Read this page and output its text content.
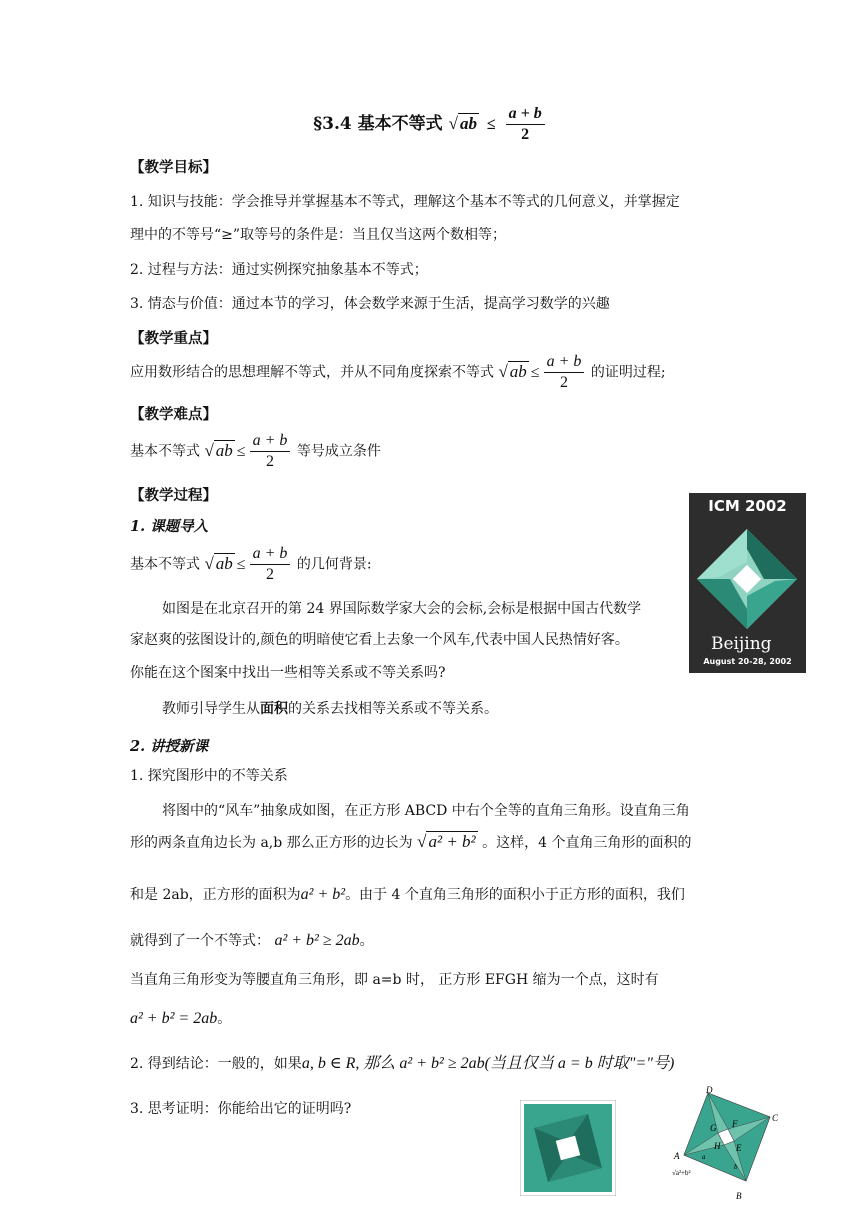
§3.4 基本不等式 √ ab ≤ $\frac{a + b}{2}$
【教学目标】
1. 知识与技能：学会推导并掌握基本不等式，理解这个基本不等式的几何意义，并掌握定
理中的不等号“≥”取等号的条件是：当且仅当这两个数相等；
2. 过程与方法：通过实例探究抽象基本不等式；
3. 情态与价值：通过本节的学习，体会数学来源于生活，提高学习数学的兴趣
【教学重点】
应用数形结合的思想理解不等式，并从不同角度探索不等式 √ ab ≤ $\frac{a + b}{2}$ 的证明过程;
【教学难点】
基本不等式 √ ab ≤ $\frac{a + b}{2}$ 等号成立条件
【教学过程】
1. 课题导入
基本不等式 √ ab ≤ $\frac{a + b}{2}$ 的几何背景:
如图是在北京召开的第 24 界国际数学家大会的会标,会标是根据中国古代数学
家赵爽的弦图设计的,颜色的明暗使它看上去象一个风车,代表中国人民热情好客。
你能在这个图案中找出一些相等关系或不等关系吗?
教师引导学生从面积的关系去找相等关系或不等关系。
ICM 2002
Beijing
August 20-28, 2002
2. 讲授新课
1. 探究图形中的不等关系
将图中的“风车”抽象成如图，在正方形 ABCD 中右个全等的直角三角形。设直角三角
形的两条直角边长为 a,b 那么正方形的边长为 √ a² + b² 。这样，4 个直角三角形的面积的
和是 2ab，正方形的面积为a² + b²。由于 4 个直角三角形的面积小于正方形的面积，我们
就得到了一个不等式： a² + b² ≥ 2ab。
当直角三角形变为等腰直角三角形，即 a=b 时， 正方形 EFGH 缩为一个点，这时有
a² + b² = 2ab。
2. 得到结论：一般的，如果a, b ∈ R, 那么 a² + b² ≥ 2ab(当且仅当 a = b 时取"="号)
3. 思考证明：你能给出它的证明吗?
D
C
G F
H E
A
B
a
b
√a²+b²
